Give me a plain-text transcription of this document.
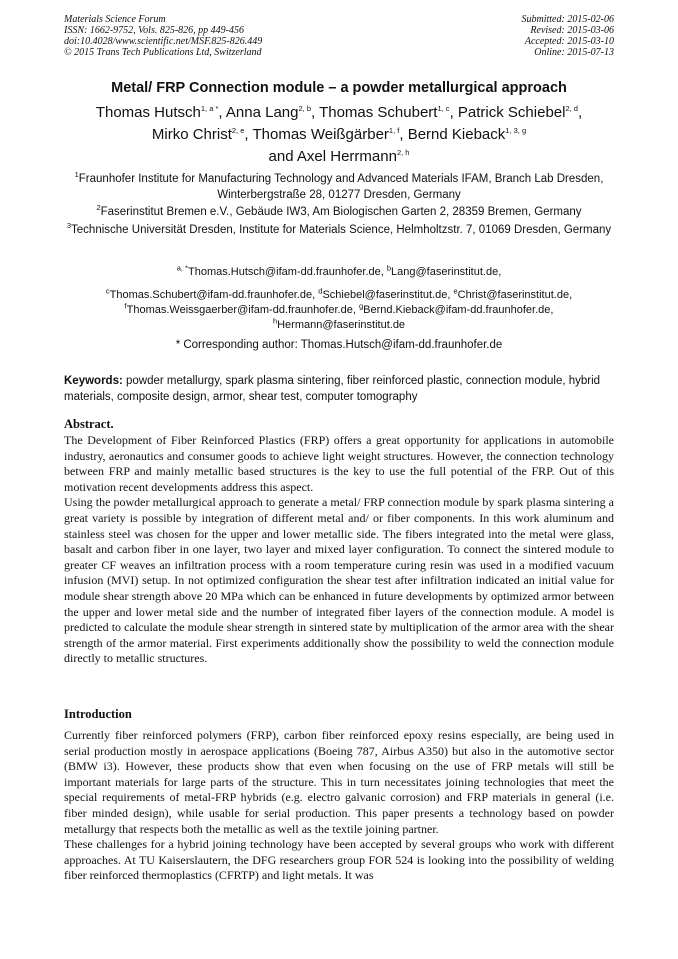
Materials Science Forum
ISSN: 1662-9752, Vols. 825-826, pp 449-456
doi:10.4028/www.scientific.net/MSF.825-826.449
© 2015 Trans Tech Publications Ltd, Switzerland
Submitted: 2015-02-06
Revised: 2015-03-06
Accepted: 2015-03-10
Online: 2015-07-13
Metal/ FRP Connection module – a powder metallurgical approach
Thomas Hutsch$^{1, a *}$, Anna Lang$^{2, b}$, Thomas Schubert$^{1, c}$, Patrick Schiebel$^{2, d}$,
Mirko Christ$^{2, e}$, Thomas Weißgärber$^{1, f}$, Bernd Kieback$^{1, 3, g}$
and Axel Herrmann$^{2, h}$
$^1$Fraunhofer Institute for Manufacturing Technology and Advanced Materials IFAM, Branch Lab Dresden, Winterbergstraße 28, 01277 Dresden, Germany
$^2$Faserinstitut Bremen e.V., Gebäude IW3, Am Biologischen Garten 2, 28359 Bremen, Germany
$^3$Technische Universität Dresden, Institute for Materials Science, Helmholtzstr. 7, 01069 Dresden, Germany
$^{a, *}$Thomas.Hutsch@ifam-dd.fraunhofer.de, $^b$Lang@faserinstitut.de,
$^c$Thomas.Schubert@ifam-dd.fraunhofer.de, $^d$Schiebel@faserinstitut.de, $^e$Christ@faserinstitut.de,
$^f$Thomas.Weissgaerber@ifam-dd.fraunhofer.de, $^g$Bernd.Kieback@ifam-dd.fraunhofer.de,
$^h$Hermann@faserinstitut.de
* Corresponding author: Thomas.Hutsch@ifam-dd.fraunhofer.de
Keywords: powder metallurgy, spark plasma sintering, fiber reinforced plastic, connection module, hybrid materials, composite design, armor, shear test, computer tomography
Abstract.

The Development of Fiber Reinforced Plastics (FRP) offers a great opportunity for applications in automobile industry, aeronautics and consumer goods to achieve light weight structures. However, the connection technology between FRP and mainly metallic based structures is the key to use the full potential of the FRP. Out of this motivation recent developments address this aspect.

Using the powder metallurgical approach to generate a metal/ FRP connection module by spark plasma sintering a great variety is possible by integration of different metal and/ or fiber components. In this work aluminum and stainless steel was chosen for the upper and lower metallic side. The fibers integrated into the metal were glass, basalt and carbon fiber in one layer, two layer and mixed layer configuration. To connect the sintered module to greater CF weaves an infiltration process with a room temperature curing resin was used in a modified vacuum infusion (MVI) setup. In not optimized configuration the shear test after infiltration indicated an initial value for module shear strength above 20 MPa which can be enhanced in future developments by optimized armor between the upper and lower metal side and the number of integrated fiber layers of the connection module. A model is predicted to calculate the module shear strength in sintered state by multiplication of the armor area with the shear strength of the armor material. First experiments additionally show the possibility to weld the connection module directly to metallic structures.

Introduction

Currently fiber reinforced polymers (FRP), carbon fiber reinforced epoxy resins especially, are being used in serial production mostly in aerospace applications (Boeing 787, Airbus A350) but also in the automotive sector (BMW i3). However, these products show that even when focusing on the use of FRP metals will still be important materials for large parts of the structure. This in turn necessitates joining technologies that meet the special requirements of metal-FRP hybrids (e.g. electro galvanic corrosion) and FRP materials in general (i.e. fiber minded design), while usable for serial production. This paper presents a technology based on powder metallurgy that respects both the metallic as well as the textile joining partner.

These challenges for a hybrid joining technology have been accepted by several groups who work with different approaches. At TU Kaiserslautern, the DFG researchers group FOR 524 is looking into the possibility of welding fiber reinforced thermoplastics (CFRTP) and light metals. It was
